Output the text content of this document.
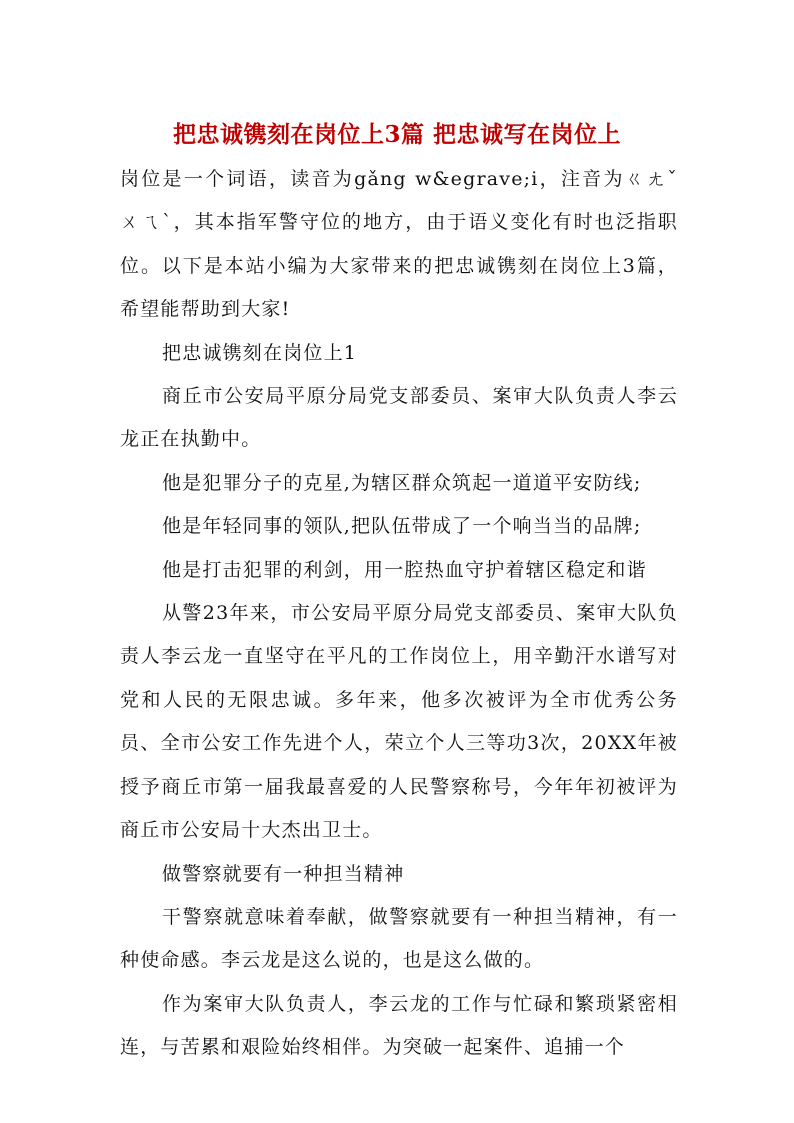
把忠诚镌刻在岗位上3篇 把忠诚写在岗位上

岗位是一个词语，读音为gǎng w&egrave;i，注音为ㄍㄤˇ ㄨㄟˋ，其本指军警守位的地方，由于语义变化有时也泛指职位。以下是本站小编为大家带来的把忠诚镌刻在岗位上3篇，希望能帮助到大家!

把忠诚镌刻在岗位上1

商丘市公安局平原分局党支部委员、案审大队负责人李云龙正在执勤中。

他是犯罪分子的克星,为辖区群众筑起一道道平安防线;

他是年轻同事的领队,把队伍带成了一个响当当的品牌;

他是打击犯罪的利剑，用一腔热血守护着辖区稳定和谐

从警23年来，市公安局平原分局党支部委员、案审大队负责人李云龙一直坚守在平凡的工作岗位上，用辛勤汗水谱写对党和人民的无限忠诚。多年来，他多次被评为全市优秀公务员、全市公安工作先进个人，荣立个人三等功3次，20XX年被授予商丘市第一届我最喜爱的人民警察称号，今年年初被评为商丘市公安局十大杰出卫士。

做警察就要有一种担当精神

干警察就意味着奉献，做警察就要有一种担当精神，有一种使命感。李云龙是这么说的，也是这么做的。

作为案审大队负责人，李云龙的工作与忙碌和繁琐紧密相连，与苦累和艰险始终相伴。为突破一起案件、追捕一个
